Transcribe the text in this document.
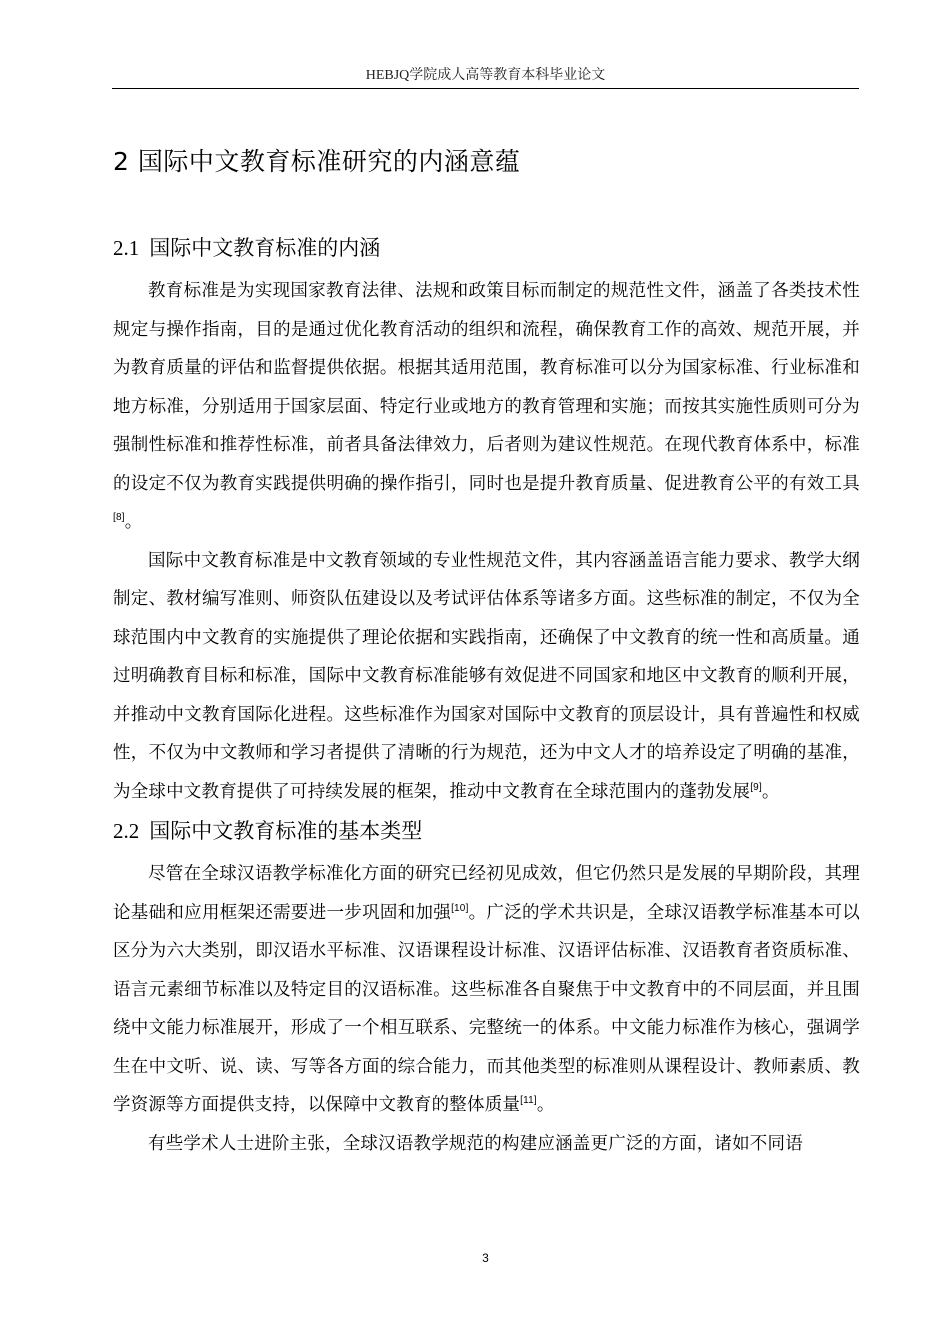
HEBJQ学院成人高等教育本科毕业论文
2 国际中文教育标准研究的内涵意蕴
2.1 国际中文教育标准的内涵

教育标准是为实现国家教育法律、法规和政策目标而制定的规范性文件，涵盖了各类技术性规定与操作指南，目的是通过优化教育活动的组织和流程，确保教育工作的高效、规范开展，并为教育质量的评估和监督提供依据。根据其适用范围，教育标准可以分为国家标准、行业标准和地方标准，分别适用于国家层面、特定行业或地方的教育管理和实施；而按其实施性质则可分为强制性标准和推荐性标准，前者具备法律效力，后者则为建议性规范。在现代教育体系中，标准的设定不仅为教育实践提供明确的操作指引，同时也是提升教育质量、促进教育公平的有效工具[8]。

国际中文教育标准是中文教育领域的专业性规范文件，其内容涵盖语言能力要求、教学大纲制定、教材编写准则、师资队伍建设以及考试评估体系等诸多方面。这些标准的制定，不仅为全球范围内中文教育的实施提供了理论依据和实践指南，还确保了中文教育的统一性和高质量。通过明确教育目标和标准，国际中文教育标准能够有效促进不同国家和地区中文教育的顺利开展，并推动中文教育国际化进程。这些标准作为国家对国际中文教育的顶层设计，具有普遍性和权威性，不仅为中文教师和学习者提供了清晰的行为规范，还为中文人才的培养设定了明确的基准，为全球中文教育提供了可持续发展的框架，推动中文教育在全球范围内的蓬勃发展[9]。

2.2 国际中文教育标准的基本类型

尽管在全球汉语教学标准化方面的研究已经初见成效，但它仍然只是发展的早期阶段，其理论基础和应用框架还需要进一步巩固和加强[10]。广泛的学术共识是，全球汉语教学标准基本可以区分为六大类别，即汉语水平标准、汉语课程设计标准、汉语评估标准、汉语教育者资质标准、语言元素细节标准以及特定目的汉语标准。这些标准各自聚焦于中文教育中的不同层面，并且围绕中文能力标准展开，形成了一个相互联系、完整统一的体系。中文能力标准作为核心，强调学生在中文听、说、读、写等各方面的综合能力，而其他类型的标准则从课程设计、教师素质、教学资源等方面提供支持，以保障中文教育的整体质量[11]。

有些学术人士进阶主张，全球汉语教学规范的构建应涵盖更广泛的方面，诸如不同语

3
